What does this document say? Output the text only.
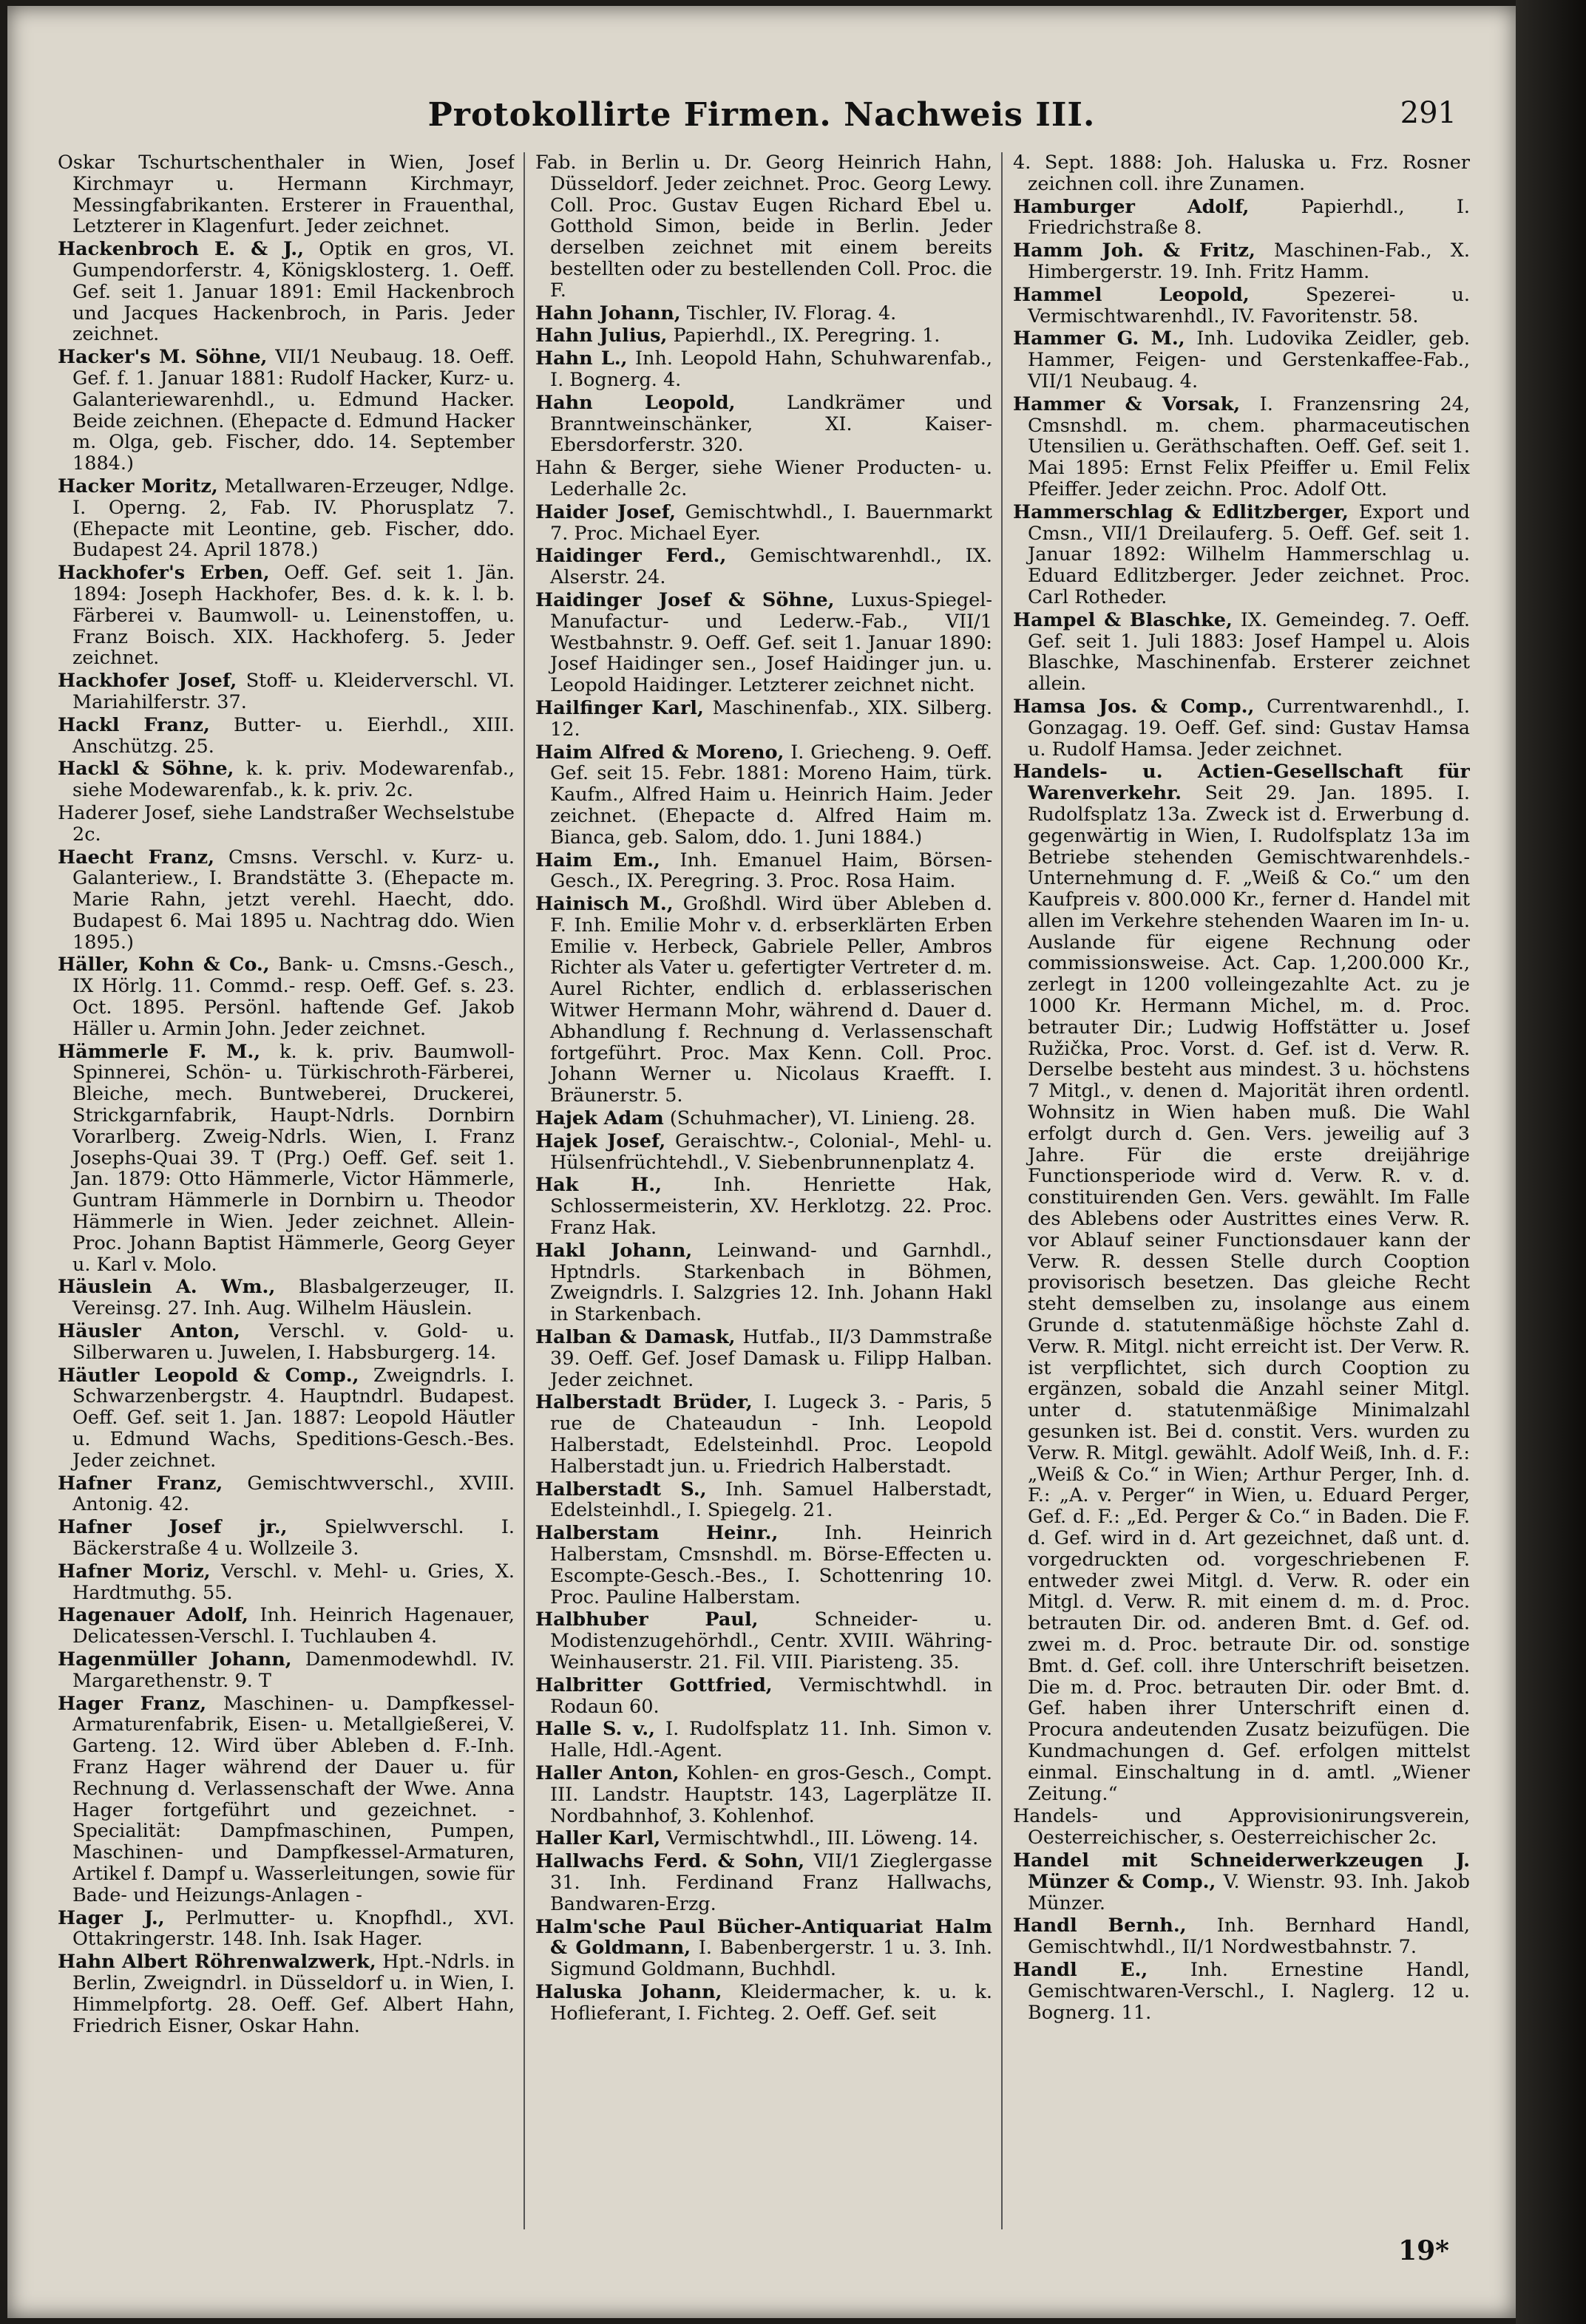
Protokollirte Firmen. Nachweis III.	291

Oskar Tschurtschenthaler in Wien, Josef Kirchmayr u. Hermann Kirchmayr, Messingfabrikanten. Ersterer in Frauenthal, Letzterer in Klagenfurt. Jeder zeichnet.

Hackenbroch E. & J., Optik en gros, VI. Gumpendorferstr. 4, Königsklosterg. 1. Oeff. Gef. seit 1. Januar 1891: Emil Hackenbroch und Jacques Hackenbroch, in Paris. Jeder zeichnet.

Hacker's M. Söhne, VII/1 Neubaug. 18. Oeff. Gef. f. 1. Januar 1881: Rudolf Hacker, Kurz- u. Galanteriewarenhdl., u. Edmund Hacker. Beide zeichnen. (Ehepacte d. Edmund Hacker m. Olga, geb. Fischer, ddo. 14. September 1884.)

Hacker Moritz, Metallwaren-Erzeuger, Ndlge. I. Operng. 2, Fab. IV. Phorusplatz 7. (Ehepacte mit Leontine, geb. Fischer, ddo. Budapest 24. April 1878.)

Hackhofer's Erben, Oeff. Gef. seit 1. Jän. 1894: Joseph Hackhofer, Bes. d. k. k. l. b. Färberei v. Baumwoll- u. Leinenstoffen, u. Franz Boisch. XIX. Hackhoferg. 5. Jeder zeichnet.

Hackhofer Josef, Stoff- u. Kleiderverschl. VI. Mariahilferstr. 37.

Hackl Franz, Butter- u. Eierhdl., XIII. Anschützg. 25.

Hackl & Söhne, k. k. priv. Modewarenfab., siehe Modewarenfab., k. k. priv. 2c.

Haderer Josef, siehe Landstraßer Wechselstube 2c.

Haecht Franz, Cmsns. Verschl. v. Kurz- u. Galanteriew., I. Brandstätte 3. (Ehepacte m. Marie Rahn, jetzt verehl. Haecht, ddo. Budapest 6. Mai 1895 u. Nachtrag ddo. Wien 1895.)

Häller, Kohn & Co., Bank- u. Cmsns.-Gesch., IX Hörlg. 11. Commd.- resp. Oeff. Gef. s. 23. Oct. 1895. Persönl. haftende Gef. Jakob Häller u. Armin John. Jeder zeichnet.

Hämmerle F. M., k. k. priv. Baumwoll-Spinnerei, Schön- u. Türkischroth-Färberei, Bleiche, mech. Buntweberei, Druckerei, Strickgarnfabrik, Haupt-Ndrls. Dornbirn Vorarlberg. Zweig-Ndrls. Wien, I. Franz Josephs-Quai 39. T (Prg.) Oeff. Gef. seit 1. Jan. 1879: Otto Hämmerle, Victor Hämmerle, Guntram Hämmerle in Dornbirn u. Theodor Hämmerle in Wien. Jeder zeichnet. Allein-Proc. Johann Baptist Hämmerle, Georg Geyer u. Karl v. Molo.

Häuslein A. Wm., Blasbalgerzeuger, II. Vereinsg. 27. Inh. Aug. Wilhelm Häuslein.

Häusler Anton, Verschl. v. Gold- u. Silberwaren u. Juwelen, I. Habsburgerg. 14.

Häutler Leopold & Comp., Zweigndrls. I. Schwarzenbergstr. 4. Hauptndrl. Budapest. Oeff. Gef. seit 1. Jan. 1887: Leopold Häutler u. Edmund Wachs, Speditions-Gesch.-Bes. Jeder zeichnet.

Hafner Franz, Gemischtwverschl., XVIII. Antonig. 42.

Hafner Josef jr., Spielwverschl. I. Bäckerstraße 4 u. Wollzeile 3.

Hafner Moriz, Verschl. v. Mehl- u. Gries, X. Hardtmuthg. 55.

Hagenauer Adolf, Inh. Heinrich Hagenauer, Delicatessen-Verschl. I. Tuchlauben 4.

Hagenmüller Johann, Damenmodewhdl. IV. Margarethenstr. 9. T

Hager Franz, Maschinen- u. Dampfkessel-Armaturenfabrik, Eisen- u. Metallgießerei, V. Garteng. 12. Wird über Ableben d. F.-Inh. Franz Hager während der Dauer u. für Rechnung d. Verlassenschaft der Wwe. Anna Hager fortgeführt und gezeichnet. -Specialität: Dampfmaschinen, Pumpen, Maschinen- und Dampfkessel-Armaturen, Artikel f. Dampf u. Wasserleitungen, sowie für Bade- und Heizungs-Anlagen -

Hager J., Perlmutter- u. Knopfhdl., XVI. Ottakringerstr. 148. Inh. Isak Hager.

Hahn Albert Röhrenwalzwerk, Hpt.-Ndrls. in Berlin, Zweigndrl. in Düsseldorf u. in Wien, I. Himmelpfortg. 28. Oeff. Gef. Albert Hahn, Friedrich Eisner, Oskar Hahn.

Fab. in Berlin u. Dr. Georg Heinrich Hahn, Düsseldorf. Jeder zeichnet. Proc. Georg Lewy. Coll. Proc. Gustav Eugen Richard Ebel u. Gotthold Simon, beide in Berlin. Jeder derselben zeichnet mit einem bereits bestellten oder zu bestellenden Coll. Proc. die F.

Hahn Johann, Tischler, IV. Florag. 4.

Hahn Julius, Papierhdl., IX. Peregring. 1.

Hahn L., Inh. Leopold Hahn, Schuhwarenfab., I. Bognerg. 4.

Hahn Leopold,	Landkrämer und Branntweinschänker, XI. Kaiser-Ebersdorferstr. 320.

Hahn & Berger, siehe Wiener Producten- u. Lederhalle 2c.

Haider Josef, Gemischtwhdl., I. Bauernmarkt 7. Proc. Michael Eyer.

Haidinger Ferd., Gemischtwarenhdl., IX. Alserstr. 24.

Haidinger Josef & Söhne, Luxus-Spiegel-Manufactur- und Lederw.-Fab., VII/1 Westbahnstr. 9. Oeff. Gef. seit 1. Januar 1890: Josef Haidinger sen., Josef Haidinger jun. u. Leopold Haidinger. Letzterer zeichnet nicht.

Hailfinger Karl, Maschinenfab., XIX. Silberg. 12.

Haim Alfred & Moreno, I. Griecheng. 9. Oeff. Gef. seit 15. Febr. 1881: Moreno Haim, türk. Kaufm., Alfred Haim u. Heinrich Haim. Jeder zeichnet. (Ehepacte d. Alfred Haim m. Bianca, geb. Salom, ddo. 1. Juni 1884.)

Haim Em., Inh. Emanuel Haim, Börsen-Gesch., IX. Peregring. 3. Proc. Rosa Haim.

Hainisch M., Großhdl. Wird über Ableben d. F. Inh. Emilie Mohr v. d. erbserklärten Erben Emilie v. Herbeck, Gabriele Peller, Ambros Richter als Vater u. gefertigter Vertreter d. m. Aurel Richter, endlich d. erblasserischen Witwer Hermann Mohr, während d. Dauer d. Abhandlung f. Rechnung d. Verlassenschaft fortgeführt. Proc. Max Kenn. Coll. Proc. Johann Werner u. Nicolaus Kraefft. I. Bräunerstr. 5.

Hajek Adam (Schuhmacher), VI. Linieng. 28.

Hajek Josef, Geraischtw.-, Colonial-, Mehl- u. Hülsenfrüchtehdl., V. Siebenbrunnenplatz 4.

Hak H.,	Inh. Henriette Hak, Schlossermeisterin, XV. Herklotzg. 22. Proc. Franz Hak.

Hakl Johann, Leinwand- und Garnhdl., Hptndrls. Starkenbach in Böhmen, Zweigndrls. I. Salzgries 12. Inh. Johann Hakl in Starkenbach.

Halban & Damask, Hutfab., II/3 Dammstraße 39. Oeff. Gef. Josef Damask u. Filipp Halban. Jeder zeichnet.

Halberstadt Brüder, I. Lugeck 3. - Paris, 5 rue de Chateaudun - Inh. Leopold Halberstadt, Edelsteinhdl. Proc. Leopold Halberstadt jun. u. Friedrich Halberstadt.

Halberstadt S., Inh. Samuel Halberstadt, Edelsteinhdl., I. Spiegelg. 21.

Halberstam Heinr., Inh. Heinrich Halberstam, Cmsnshdl. m. Börse-Effecten u. Escompte-Gesch.-Bes., I. Schottenring 10. Proc. Pauline Halberstam.

Halbhuber Paul,	Schneider- u. Modistenzugehörhdl., Centr. XVIII. Währing-Weinhauserstr. 21. Fil. VIII. Piaristeng. 35.

Halbritter Gottfried, Vermischtwhdl. in Rodaun 60.

Halle S. v., I. Rudolfsplatz 11. Inh. Simon v. Halle, Hdl.-Agent.

Haller Anton, Kohlen- en gros-Gesch., Compt. III. Landstr. Hauptstr. 143, Lagerplätze II. Nordbahnhof, 3. Kohlenhof.

Haller Karl, Vermischtwhdl., III. Löweng. 14.

Hallwachs Ferd. & Sohn, VII/1 Zieglergasse 31. Inh. Ferdinand Franz Hallwachs, Bandwaren-Erzg.

Halm'sche Paul Bücher-Antiquariat Halm & Goldmann, I. Babenbergerstr. 1 u. 3. Inh. Sigmund Goldmann, Buchhdl.

Haluska Johann, Kleidermacher, k. u. k. Hoflieferant, I. Fichteg. 2. Oeff. Gef. seit

4. Sept. 1888: Joh. Haluska u. Frz. Rosner zeichnen coll. ihre Zunamen.

Hamburger Adolf,	Papierhdl., I. Friedrichstraße 8.

Hamm Joh. & Fritz, Maschinen-Fab., X. Himbergerstr. 19. Inh. Fritz Hamm.

Hammel Leopold,	Spezerei- u. Vermischtwarenhdl., IV. Favoritenstr. 58.

Hammer G. M., Inh. Ludovika Zeidler, geb. Hammer, Feigen- und Gerstenkaffee-Fab., VII/1 Neubaug. 4.

Hammer & Vorsak, I. Franzensring 24, Cmsnshdl. m. chem. pharmaceutischen Utensilien u. Geräthschaften. Oeff. Gef. seit 1. Mai 1895: Ernst Felix Pfeiffer u. Emil Felix Pfeiffer. Jeder zeichn. Proc. Adolf Ott.

Hammerschlag & Edlitzberger, Export und Cmsn., VII/1 Dreilauferg. 5. Oeff. Gef. seit 1. Januar 1892: Wilhelm Hammerschlag u. Eduard Edlitzberger. Jeder zeichnet. Proc. Carl Rotheder.

Hampel & Blaschke, IX. Gemeindeg. 7. Oeff. Gef. seit 1. Juli 1883: Josef Hampel u. Alois Blaschke, Maschinenfab. Ersterer zeichnet allein.

Hamsa Jos. & Comp., Currentwarenhdl., I. Gonzagag. 19. Oeff. Gef. sind: Gustav Hamsa u. Rudolf Hamsa. Jeder zeichnet.

Handels- u. Actien-Gesellschaft für Warenverkehr. Seit 29. Jan. 1895. I. Rudolfsplatz 13a. Zweck ist d. Erwerbung d. gegenwärtig in Wien, I. Rudolfsplatz 13a im Betriebe stehenden Gemischtwarenhdels.-Unternehmung d. F. „Weiß & Co.“ um den Kaufpreis v. 800.000 Kr., ferner d. Handel mit allen im Verkehre stehenden Waaren im In- u. Auslande für eigene Rechnung oder commissionsweise. Act. Cap. 1,200.000 Kr., zerlegt in 1200 volleingezahlte Act. zu je 1000 Kr. Hermann Michel, m. d. Proc. betrauter Dir.; Ludwig Hoffstätter u. Josef Ružička, Proc. Vorst. d. Gef. ist d. Verw. R. Derselbe besteht aus mindest. 3 u. höchstens 7 Mitgl., v. denen d. Majorität ihren ordentl. Wohnsitz in Wien haben muß. Die Wahl erfolgt durch d. Gen. Vers. jeweilig auf 3 Jahre. Für die erste dreijährige Functionsperiode wird d. Verw. R. v. d. constituirenden Gen. Vers. gewählt. Im Falle des Ablebens oder Austrittes eines Verw. R. vor Ablauf seiner Functionsdauer kann der Verw. R. dessen Stelle durch Cooption provisorisch besetzen. Das gleiche Recht steht demselben zu, insolange aus einem Grunde d. statutenmäßige höchste Zahl d. Verw. R. Mitgl. nicht erreicht ist. Der Verw. R. ist verpflichtet, sich durch Cooption zu ergänzen, sobald die Anzahl seiner Mitgl. unter d. statutenmäßige Minimalzahl gesunken ist. Bei d. constit. Vers. wurden zu Verw. R. Mitgl. gewählt. Adolf Weiß, Inh. d. F.: „Weiß & Co.“ in Wien; Arthur Perger, Inh. d. F.: „A. v. Perger“ in Wien, u. Eduard Perger, Gef. d. F.: „Ed. Perger & Co.“ in Baden. Die F. d. Gef. wird in d. Art gezeichnet, daß unt. d. vorgedruckten od. vorgeschriebenen F. entweder zwei Mitgl. d. Verw. R. oder ein Mitgl. d. Verw. R. mit einem d. m. d. Proc. betrauten Dir. od. anderen Bmt. d. Gef. od. zwei m. d. Proc. betraute Dir. od. sonstige Bmt. d. Gef. coll. ihre Unterschrift beisetzen. Die m. d. Proc. betrauten Dir. oder Bmt. d. Gef. haben ihrer Unterschrift einen d. Procura andeutenden Zusatz beizufügen. Die Kundmachungen d. Gef. erfolgen mittelst einmal. Einschaltung in d. amtl. „Wiener Zeitung.“

Handels- und Approvisionirungsverein, Oesterreichischer, s. Oesterreichischer 2c.

Handel mit Schneiderwerkzeugen J. Münzer & Comp., V. Wienstr. 93. Inh. Jakob Münzer.

Handl Bernh., Inh. Bernhard Handl, Gemischtwhdl., II/1 Nordwestbahnstr. 7.

Handl E., Inh. Ernestine Handl, Gemischtwaren-Verschl., I. Naglerg. 12 u. Bognerg. 11.

19*
